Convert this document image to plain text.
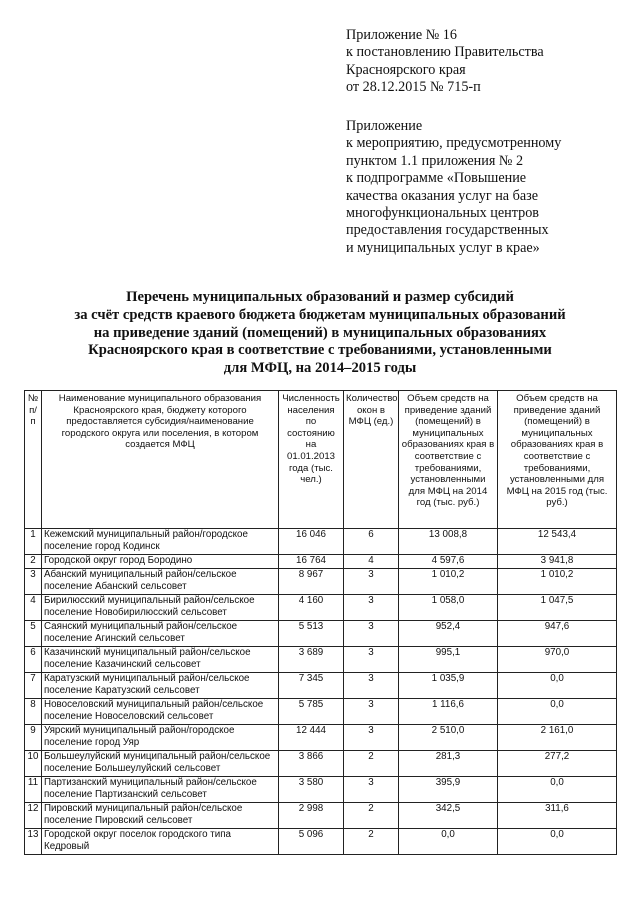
Приложение № 16
к постановлению Правительства
Красноярского края
от 28.12.2015 № 715-п
Приложение
к мероприятию, предусмотренному
пунктом 1.1 приложения № 2
к подпрограмме «Повышение
качества оказания услуг на базе
многофункциональных центров
предоставления государственных
и муниципальных услуг в крае»
Перечень муниципальных образований и размер субсидий
за счёт средств краевого бюджета бюджетам муниципальных образований
на приведение зданий (помещений) в муниципальных образованиях
Красноярского края в соответствие с требованиями, установленными
для МФЦ, на 2014–2015 годы
№ п/п	Наименование муниципального образования Красноярского края, бюджету которого предоставляется субсидия/наименование городского округа или поселения, в котором создается МФЦ	Численность населения по состоянию на 01.01.2013 года (тыс. чел.)	Количество окон в МФЦ (ед.)	Объем средств на приведение зданий (помещений) в муниципальных образованиях края в соответствие с требованиями, установленными для МФЦ на 2014 год (тыс. руб.)	Объем средств на приведение зданий (помещений) в муниципальных образованиях края в соответствие с требованиями, установленными для МФЦ на 2015 год (тыс. руб.)
1	Кежемский муниципальный район/городское поселение город Кодинск	16 046	6	13 008,8	12 543,4
2	Городской округ город Бородино	16 764	4	4 597,6	3 941,8
3	Абанский муниципальный район/сельское поселение Абанский сельсовет	8 967	3	1 010,2	1 010,2
4	Бирилюсский муниципальный район/сельское поселение Новобирилюсский сельсовет	4 160	3	1 058,0	1 047,5
5	Саянский муниципальный район/сельское поселение Агинский сельсовет	5 513	3	952,4	947,6
6	Казачинский муниципальный район/сельское поселение Казачинский сельсовет	3 689	3	995,1	970,0
7	Каратузский муниципальный район/сельское поселение Каратузский сельсовет	7 345	3	1 035,9	0,0
8	Новоселовский муниципальный район/сельское поселение Новоселовский сельсовет	5 785	3	1 116,6	0,0
9	Уярский муниципальный район/городское поселение город Уяр	12 444	3	2 510,0	2 161,0
10	Большеулуйский муниципальный район/сельское поселение Большеулуйский сельсовет	3 866	2	281,3	277,2
11	Партизанский муниципальный район/сельское поселение Партизанский сельсовет	3 580	3	395,9	0,0
12	Пировский муниципальный район/сельское поселение Пировский сельсовет	2 998	2	342,5	311,6
13	Городской округ поселок городского типа Кедровый	5 096	2	0,0	0,0
